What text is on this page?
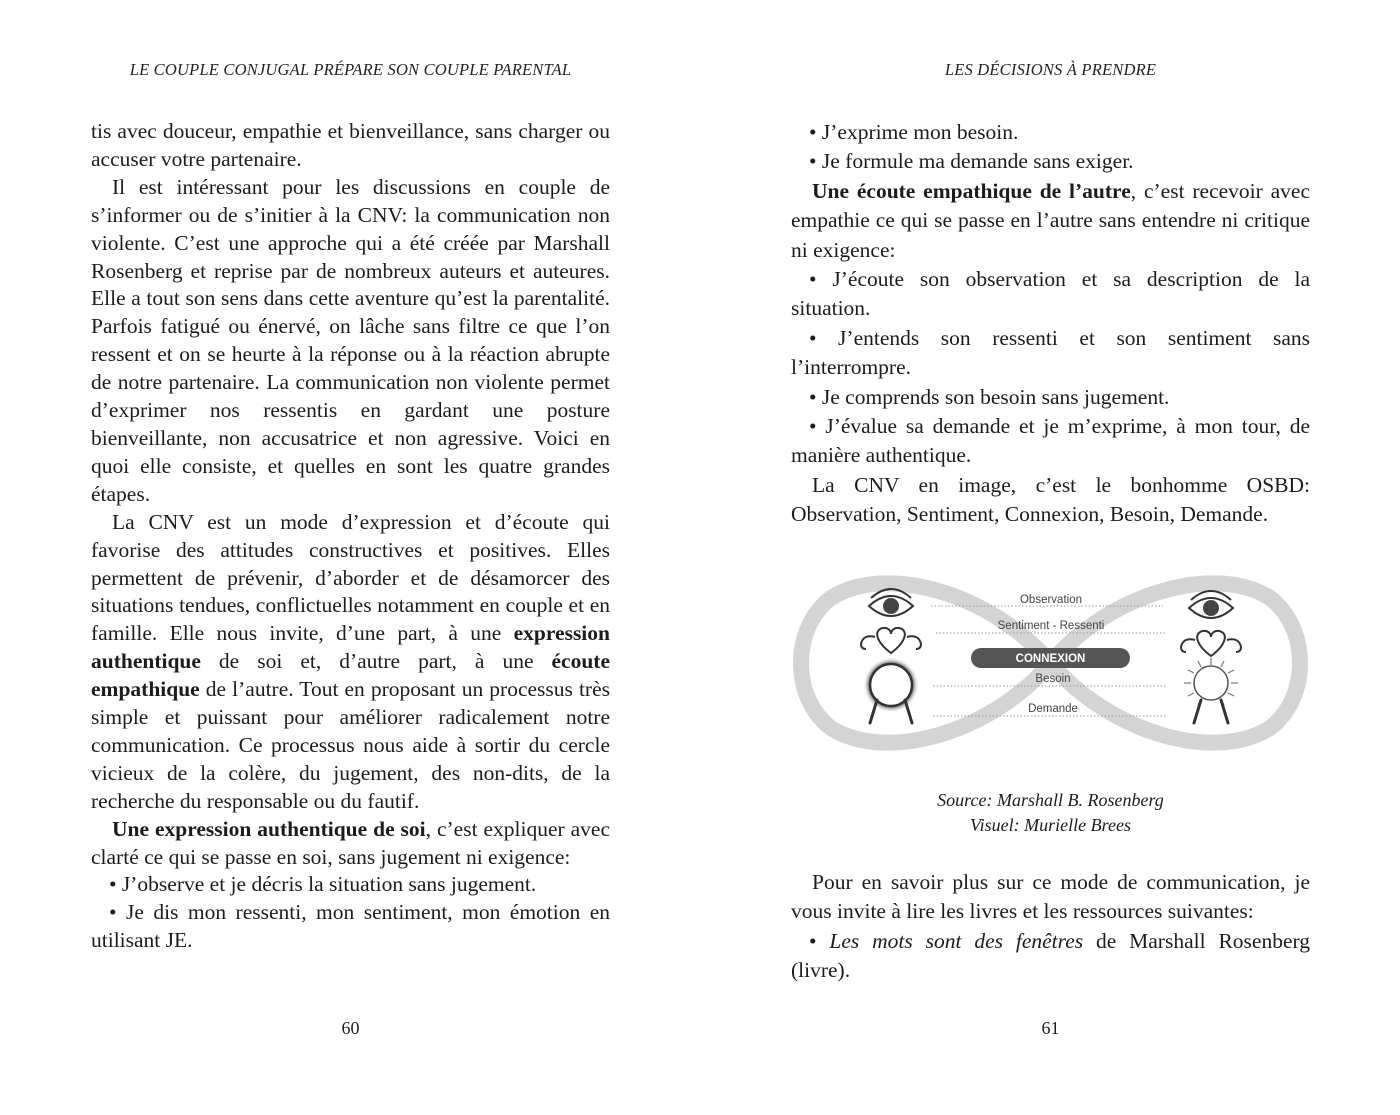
LE COUPLE CONJUGAL PRÉPARE SON COUPLE PARENTAL

tis avec douceur, empathie et bienveillance, sans charger ou accuser votre partenaire.

Il est intéressant pour les discussions en couple de s’informer ou de s’initier à la CNV: la communication non violente. C’est une approche qui a été créée par Marshall Rosenberg et reprise par de nombreux auteurs et auteures. Elle a tout son sens dans cette aventure qu’est la parentalité. Parfois fatigué ou énervé, on lâche sans filtre ce que l’on ressent et on se heurte à la réponse ou à la réaction abrupte de notre partenaire. La communication non violente permet d’exprimer nos ressentis en gardant une posture bienveillante, non accusatrice et non agressive. Voici en quoi elle consiste, et quelles en sont les quatre grandes étapes.

La CNV est un mode d’expression et d’écoute qui favorise des attitudes constructives et positives. Elles permettent de prévenir, d’aborder et de désamorcer des situations tendues, conflictuelles notamment en couple et en famille. Elle nous invite, d’une part, à une expression authentique de soi et, d’autre part, à une écoute empathique de l’autre. Tout en proposant un processus très simple et puissant pour améliorer radicalement notre communication. Ce processus nous aide à sortir du cercle vicieux de la colère, du jugement, des non-dits, de la recherche du responsable ou du fautif.

Une expression authentique de soi, c’est expliquer avec clarté ce qui se passe en soi, sans jugement ni exigence:

• J’observe et je décris la situation sans jugement.

• Je dis mon ressenti, mon sentiment, mon émotion en utilisant JE.

60
LES DÉCISIONS À PRENDRE

• J’exprime mon besoin.

• Je formule ma demande sans exiger.

Une écoute empathique de l’autre, c’est recevoir avec empathie ce qui se passe en l’autre sans entendre ni critique ni exigence:

• J’écoute son observation et sa description de la situation.

• J’entends son ressenti et son sentiment sans l’interrompre.

• Je comprends son besoin sans jugement.

• J’évalue sa demande et je m’exprime, à mon tour, de manière authentique.

La CNV en image, c’est le bonhomme OSBD: Observation, Sentiment, Connexion, Besoin, Demande.

Observation
Sentiment - Ressenti
CONNEXION
Besoin
Demande
Source: Marshall B. Rosenberg
Visuel: Murielle Brees

Pour en savoir plus sur ce mode de communication, je vous invite à lire les livres et les ressources suivantes:

• Les mots sont des fenêtres de Marshall Rosenberg (livre).

61
